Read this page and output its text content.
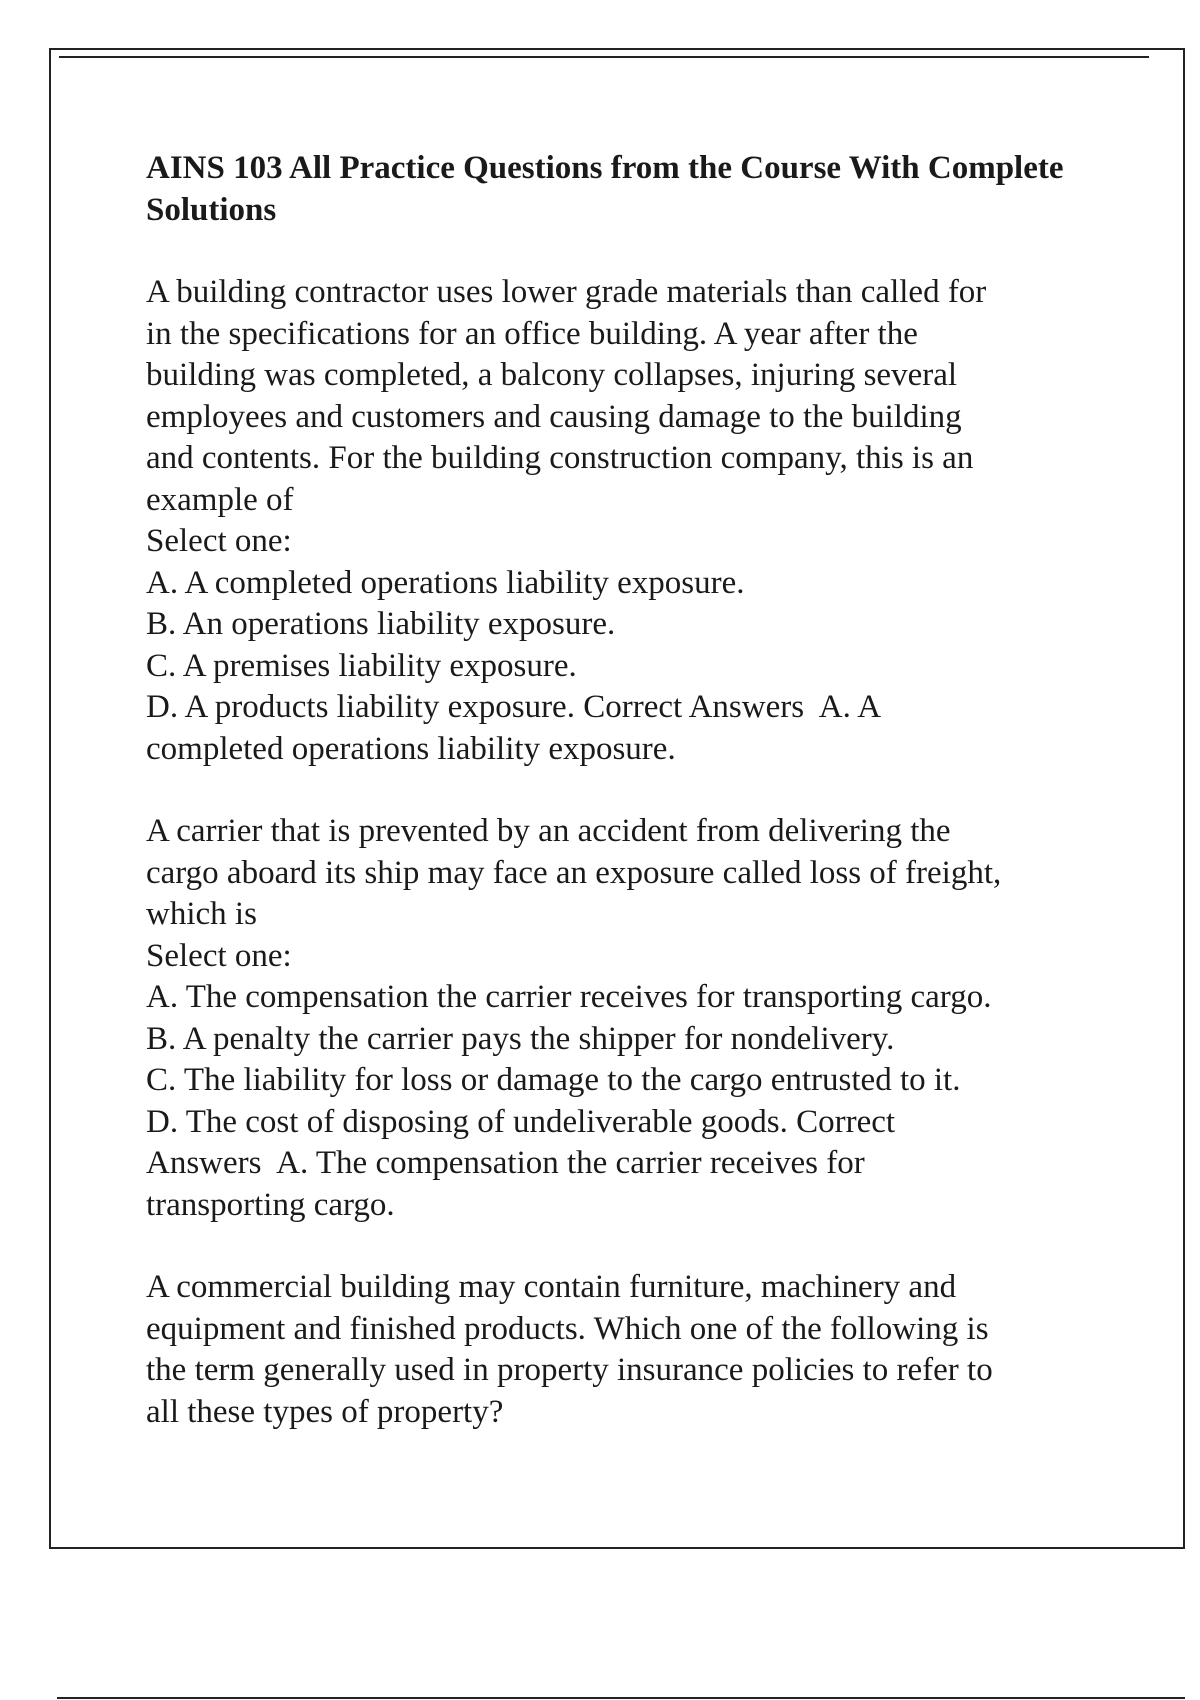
AINS 103 All Practice Questions from the Course With Complete Solutions
A building contractor uses lower grade materials than called for
in the specifications for an office building. A year after the
building was completed, a balcony collapses, injuring several
employees and customers and causing damage to the building
and contents. For the building construction company, this is an
example of
Select one:
A. A completed operations liability exposure.
B. An operations liability exposure.
C. A premises liability exposure.
D. A products liability exposure. Correct Answers  A. A
completed operations liability exposure.
A carrier that is prevented by an accident from delivering the
cargo aboard its ship may face an exposure called loss of freight,
which is
Select one:
A. The compensation the carrier receives for transporting cargo.
B. A penalty the carrier pays the shipper for nondelivery.
C. The liability for loss or damage to the cargo entrusted to it.
D. The cost of disposing of undeliverable goods. Correct
Answers  A. The compensation the carrier receives for
transporting cargo.
A commercial building may contain furniture, machinery and
equipment and finished products. Which one of the following is
the term generally used in property insurance policies to refer to
all these types of property?
